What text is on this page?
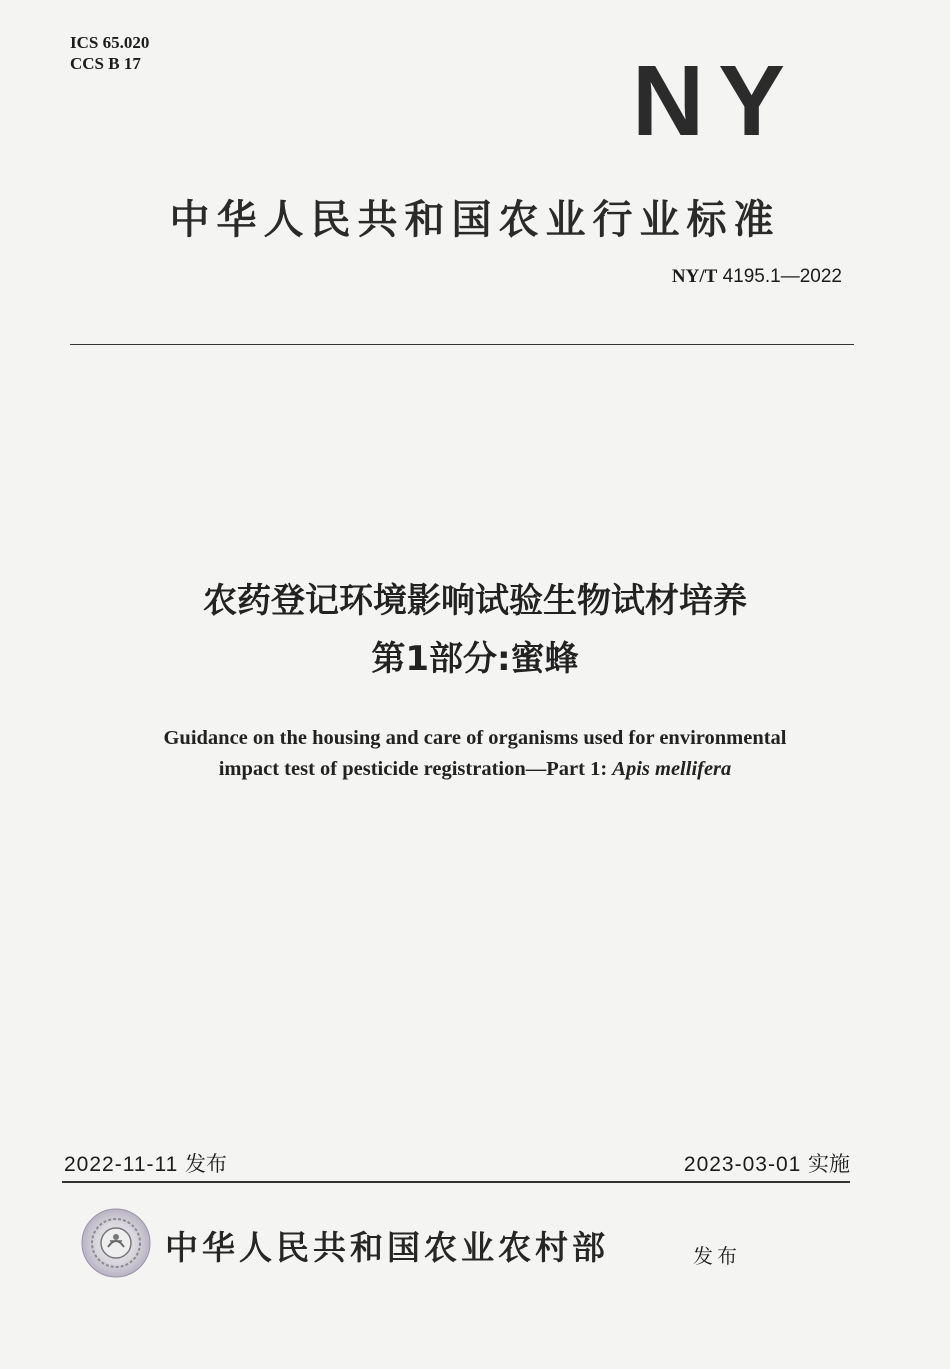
ICS 65.020
CCS B 17	NY
中华人民共和国农业行业标准
NY/T 4195.1—2022
农药登记环境影响试验生物试材培养
第1部分:蜜蜂
Guidance on the housing and care of organisms used for environmental
impact test of pesticide registration—Part 1: Apis mellifera
2022-11-11 发布	2023-03-01 实施
中华人民共和国农业农村部	发布
